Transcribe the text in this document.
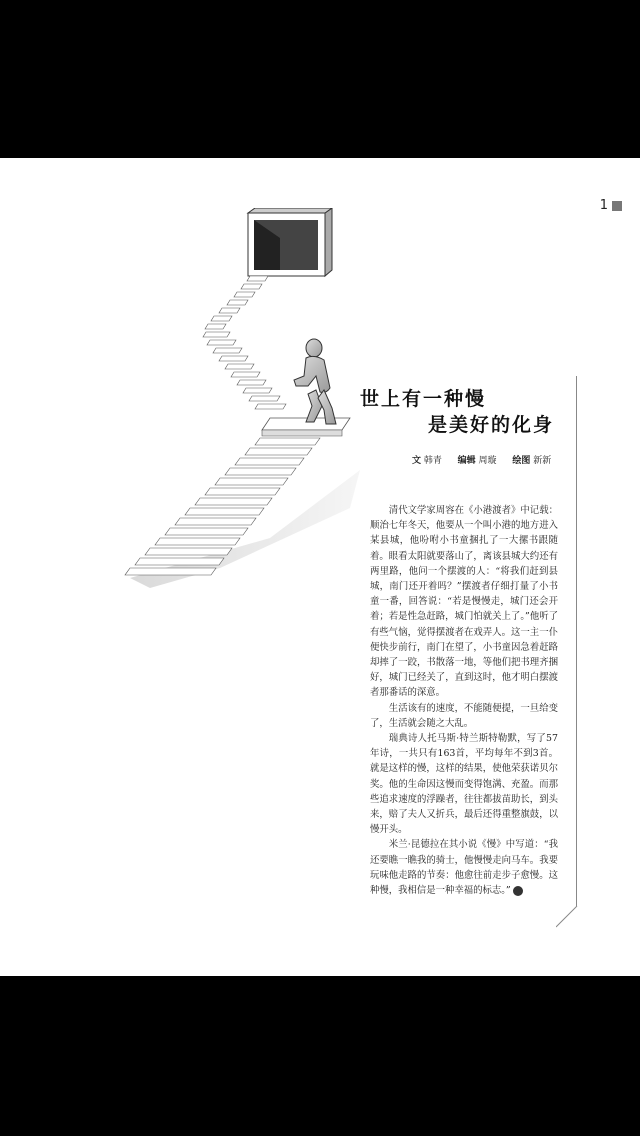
1
世上有一种慢
是美好的化身
文 韩青 编辑 周璇 绘图 新新

清代文学家周容在《小港渡者》中记载：顺治七年冬天，他要从一个叫小港的地方进入某县城，他吩咐小书童捆扎了一大摞书跟随着。眼看太阳就要落山了，离该县城大约还有两里路，他问一个摆渡的人：“将我们赶到县城，南门还开着吗？”摆渡者仔细打量了小书童一番，回答说：“若是慢慢走，城门还会开着；若是性急赶路，城门怕就关上了。”他听了有些气恼，觉得摆渡者在戏弄人。这一主一仆便快步前行，南门在望了，小书童因急着赶路却摔了一跤，书散落一地，等他们把书理齐捆好，城门已经关了，直到这时，他才明白摆渡者那番话的深意。

生活该有的速度，不能随便提，一旦给变了，生活就会随之大乱。

瑞典诗人托马斯·特兰斯特勒默，写了57年诗，一共只有163首，平均每年不到3首。就是这样的慢，这样的结果，使他荣获诺贝尔奖。他的生命因这慢而变得饱满、充盈。而那些追求速度的浮躁者，往往都拔苗助长，到头来，赔了夫人又折兵，最后还得重整旗鼓，以慢开头。

米兰·昆德拉在其小说《慢》中写道：“我还要瞧一瞧我的骑士，他慢慢走向马车。我要玩味他走路的节奏：他愈往前走步子愈慢。这种慢，我相信是一种幸福的标志。”
